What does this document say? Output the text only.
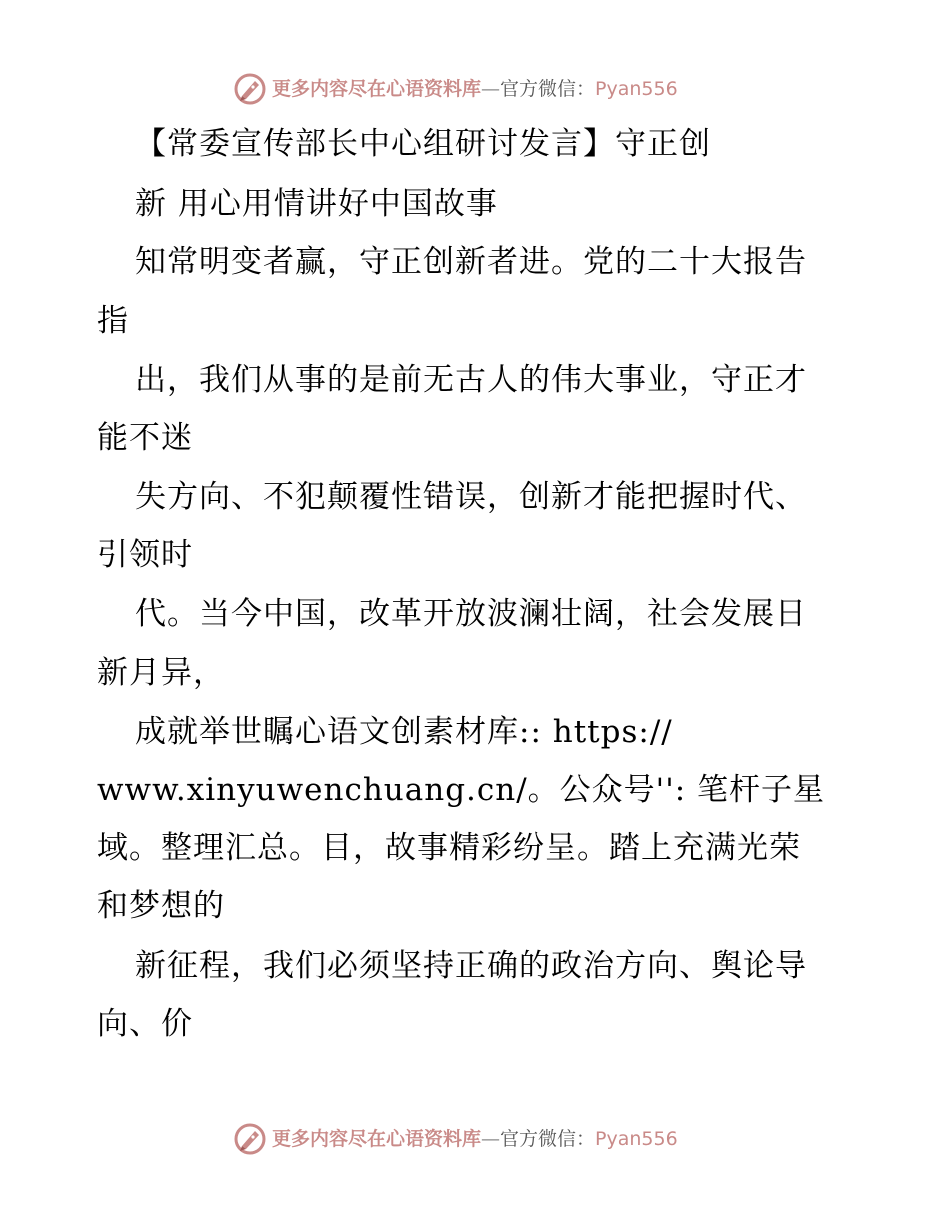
更多内容尽在心语资料库—官方微信：Pyan556
【常委宣传部长中心组研讨发言】守正创
新 用心用情讲好中国故事
知常明变者赢，守正创新者进。党的二十大报告
指
出，我们从事的是前无古人的伟大事业，守正才
能不迷
失方向、不犯颠覆性错误，创新才能把握时代、
引领时
代。当今中国，改革开放波澜壮阔，社会发展日
新月异，
成就举世瞩心语文创素材库:: https://
www.xinyuwenchuang.cn/。公众号'': 笔杆子星
域。整理汇总。目，故事精彩纷呈。踏上充满光荣
和梦想的
新征程，我们必须坚持正确的政治方向、舆论导
向、价
更多内容尽在心语资料库—官方微信：Pyan556
